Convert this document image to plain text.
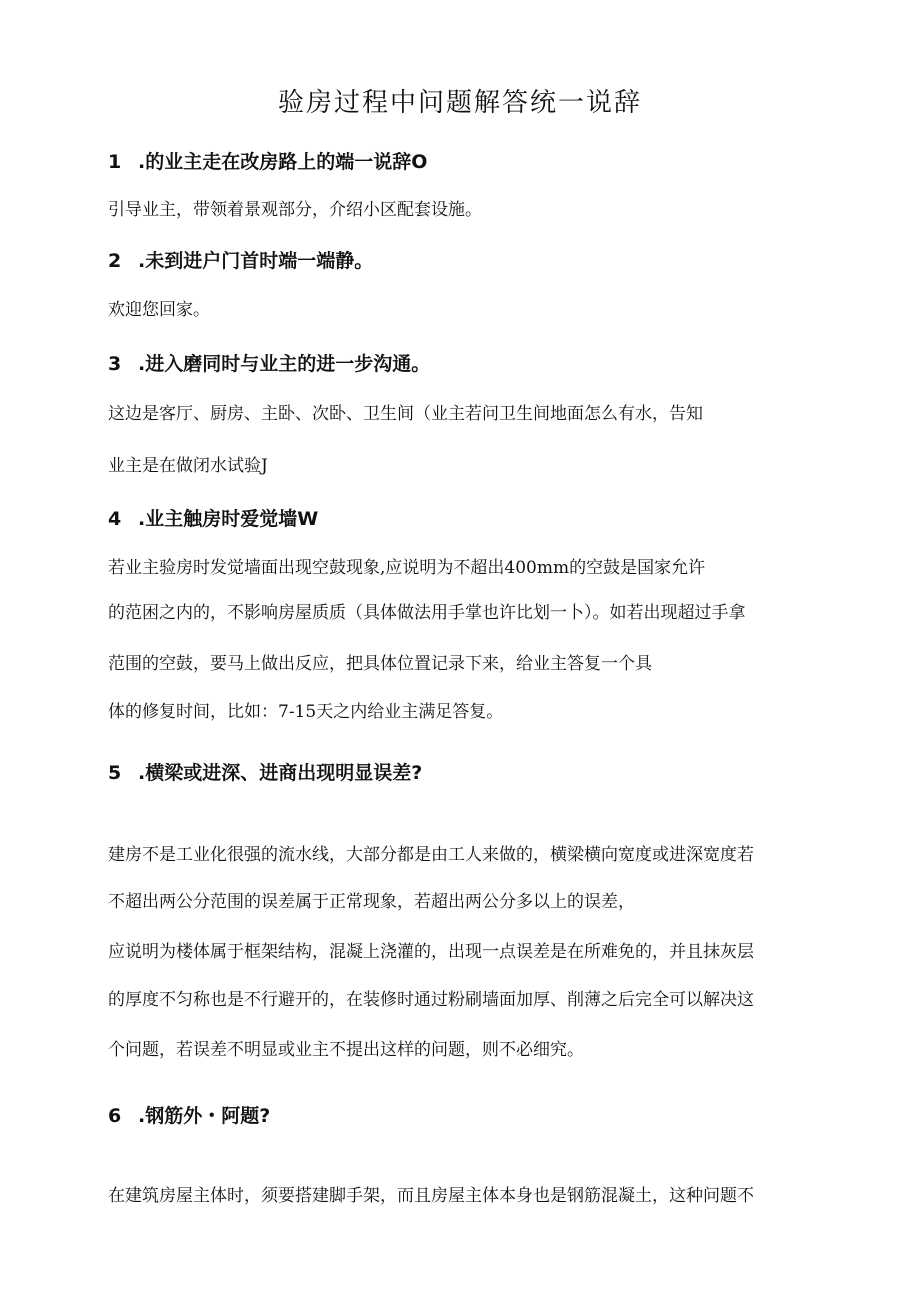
验房过程中问题解答统一说辞
1 .的业主走在改房路上的端一说辞O

引导业主，带领着景观部分，介绍小区配套设施。

2 .未到进户门首时端一端静。

欢迎您回家。

3 .进入磨同时与业主的进一步沟通。

这边是客厅、厨房、主卧、次卧、卫生间（业主若问卫生间地面怎么有水，告知

业主是在做闭水试验J

4 .业主触房时爱觉墙W

若业主验房时发觉墙面出现空鼓现象,应说明为不超出400mm的空鼓是国家允许

的范困之内的，不影响房屋质质（具体做法用手掌也许比划一卜）。如若出现超过手拿

范围的空鼓，要马上做出反应，把具体位置记录下来，给业主答复一个具

体的修复时间，比如：7-15天之内给业主满足答复。

5 .横梁或进深、进商出现明显误差?

建房不是工业化很强的流水线，大部分都是由工人来做的，横梁横向宽度或进深宽度若

不超出两公分范围的误差属于正常现象，若超出两公分多以上的误差，

应说明为楼体属于框架结构，混凝上浇灌的，出现一点误差是在所难免的，并且抹灰层

的厚度不匀称也是不行避开的，在装修时通过粉刷墙面加厚、削薄之后完全可以解决这

个问题，若误差不明显或业主不提出这样的问题，则不必细究。

6 .钢筋外・阿题?

在建筑房屋主体时，须要搭建脚手架，而且房屋主体本身也是钢筋混凝土，这种问题不
